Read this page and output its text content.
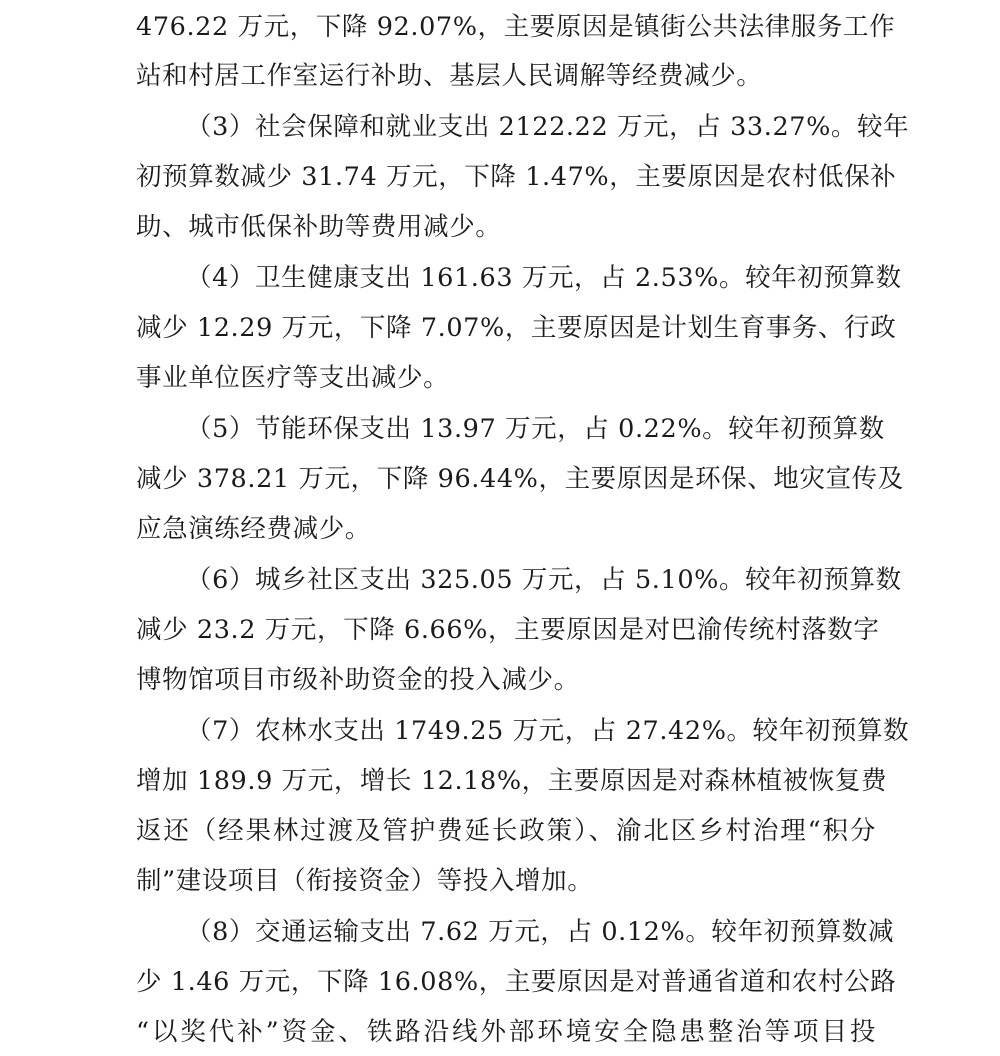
476.22 万元，下降 92.07%，主要原因是镇街公共法律服务工作
站和村居工作室运行补助、基层人民调解等经费减少。
（3）社会保障和就业支出 2122.22 万元，占 33.27%。较年
初预算数减少 31.74 万元，下降 1.47%，主要原因是农村低保补
助、城市低保补助等费用减少。
（4）卫生健康支出 161.63 万元，占 2.53%。较年初预算数
减少 12.29 万元，下降 7.07%，主要原因是计划生育事务、行政
事业单位医疗等支出减少。
（5）节能环保支出 13.97 万元，占 0.22%。较年初预算数
减少 378.21 万元，下降 96.44%，主要原因是环保、地灾宣传及
应急演练经费减少。
（6）城乡社区支出 325.05 万元，占 5.10%。较年初预算数
减少 23.2 万元，下降 6.66%，主要原因是对巴渝传统村落数字
博物馆项目市级补助资金的投入减少。
（7）农林水支出 1749.25 万元，占 27.42%。较年初预算数
增加 189.9 万元，增长 12.18%，主要原因是对森林植被恢复费
返还（经果林过渡及管护费延长政策）、渝北区乡村治理“积分
制”建设项目（衔接资金）等投入增加。
（8）交通运输支出 7.62 万元，占 0.12%。较年初预算数减
少 1.46 万元，下降 16.08%，主要原因是对普通省道和农村公路
“以奖代补”资金、铁路沿线外部环境安全隐患整治等项目投
